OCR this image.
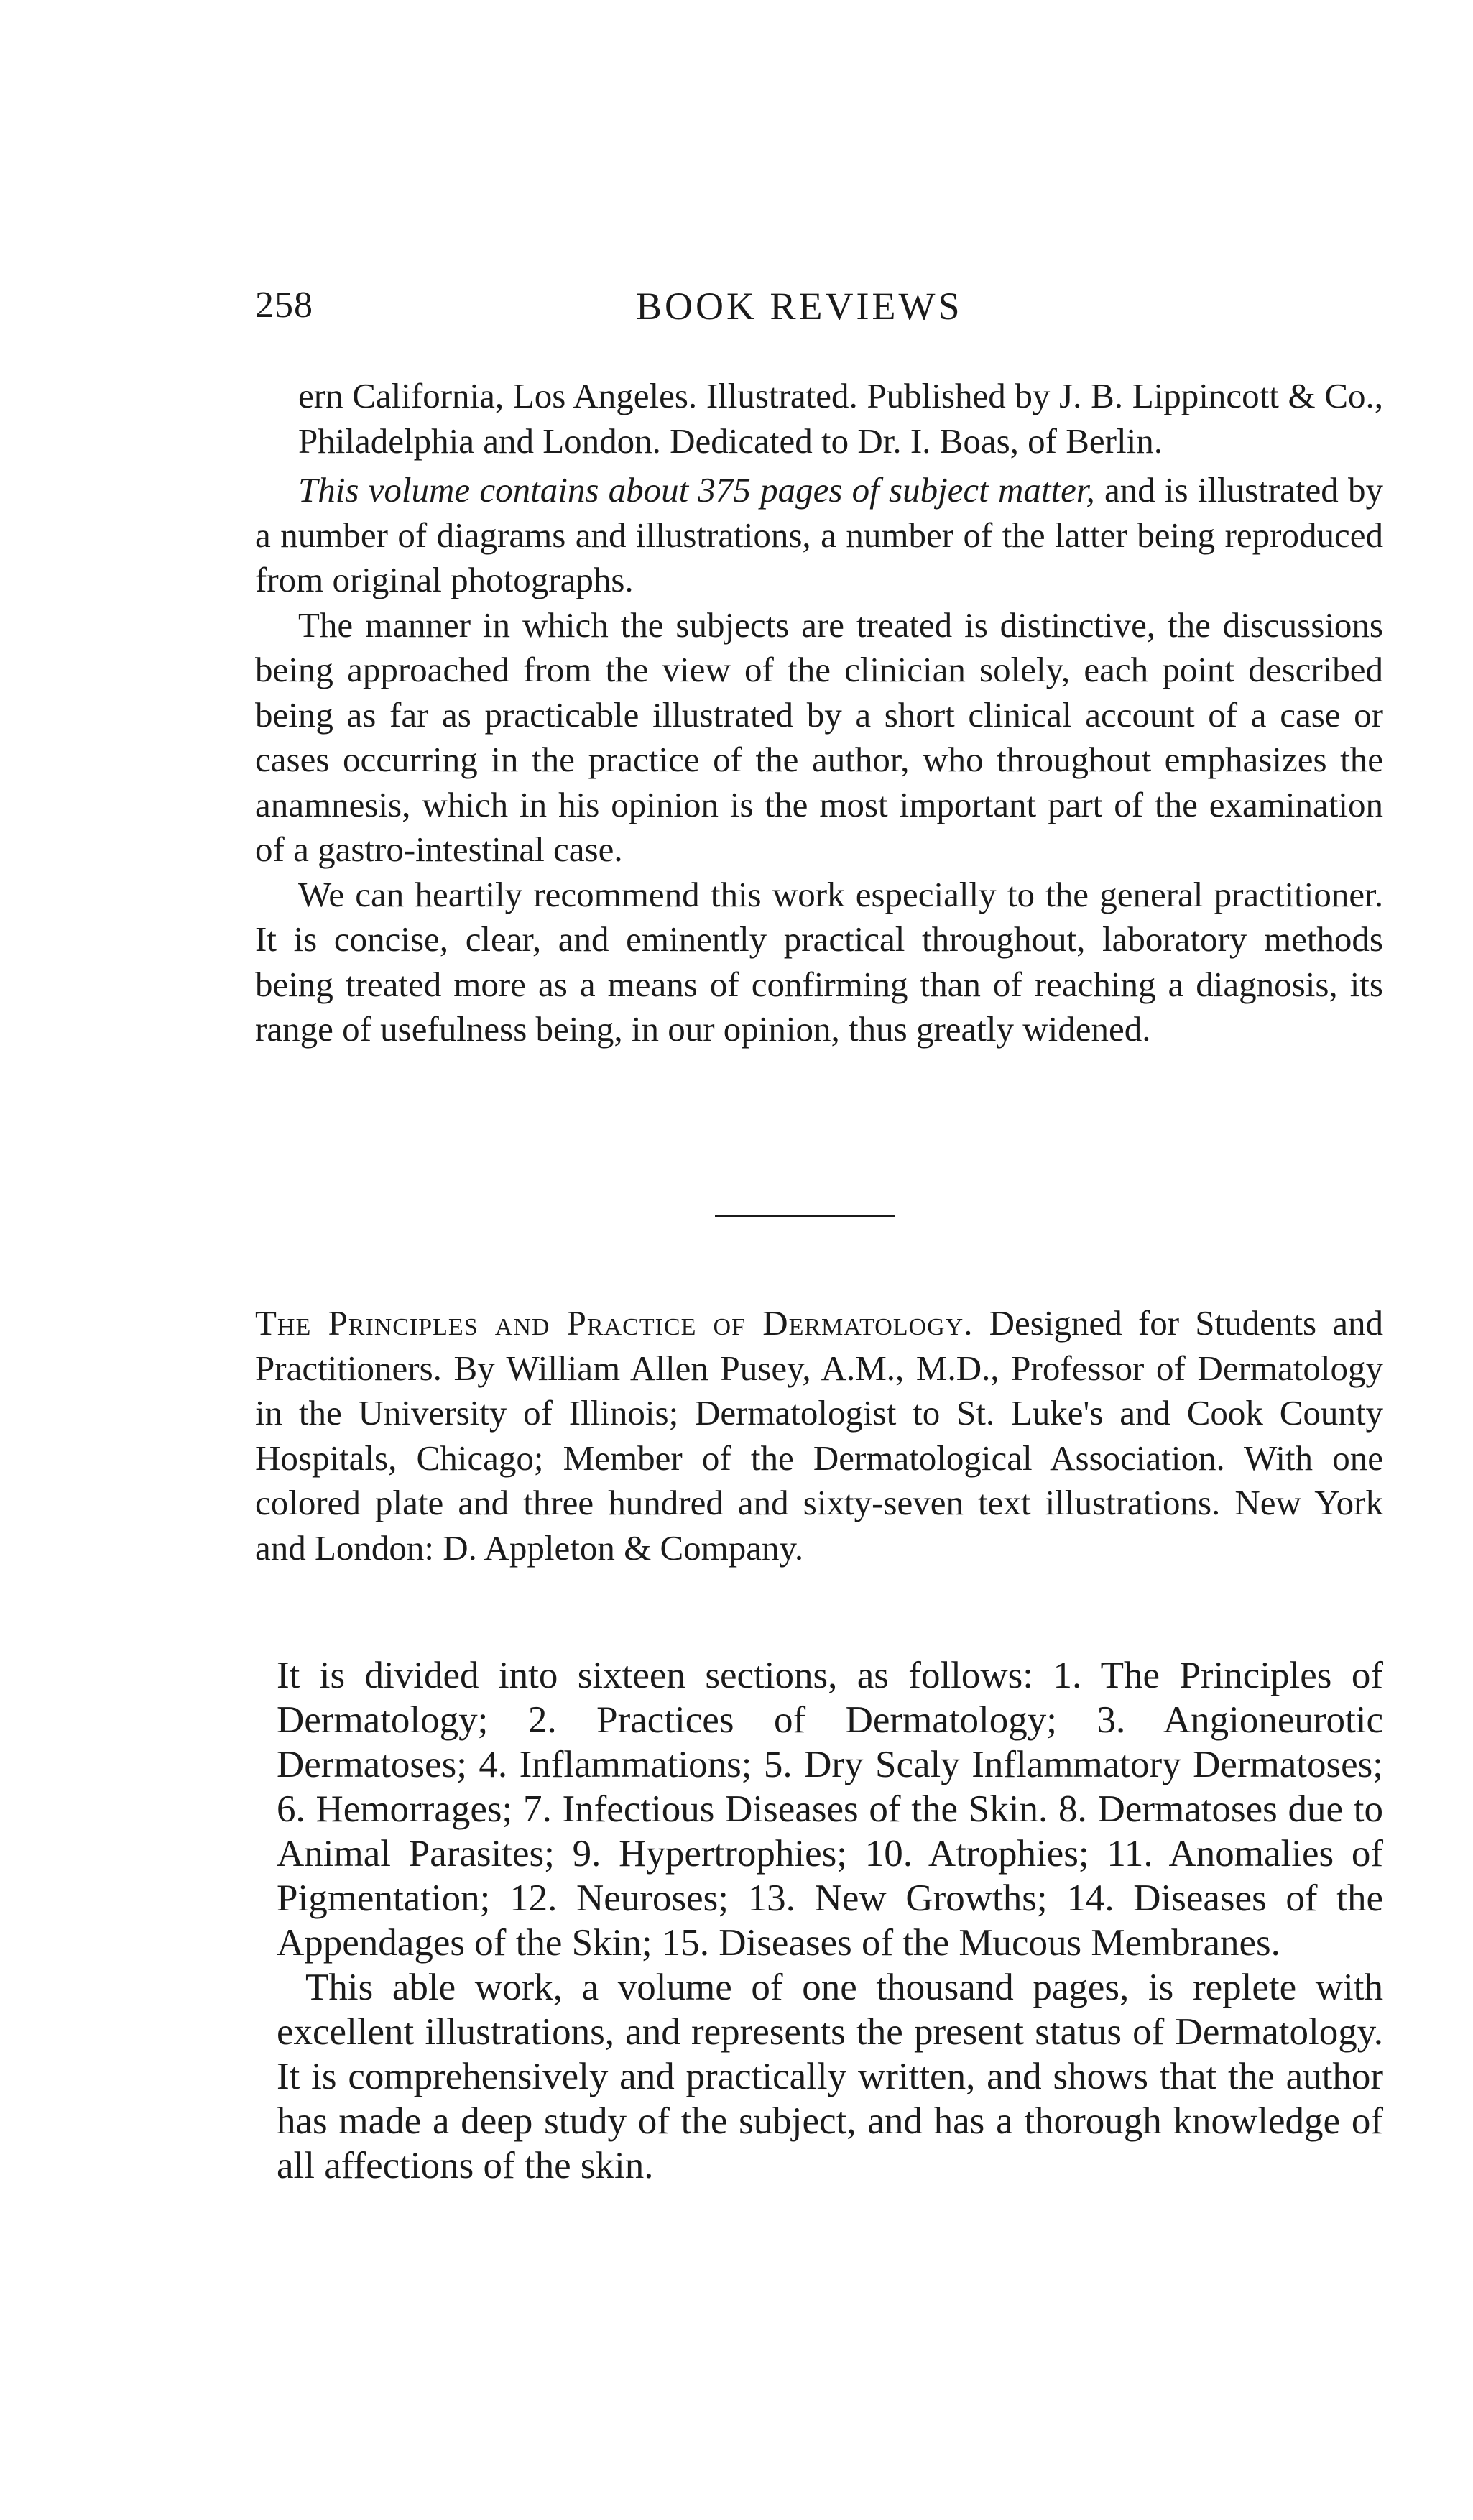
258	BOOK REVIEWS

ern California, Los Angeles. Illustrated. Published by J. B. Lippincott & Co., Philadelphia and London. Dedicated to Dr. I. Boas, of Berlin.

This volume contains about 375 pages of subject matter, and is illustrated by a number of diagrams and illustrations, a number of the latter being reproduced from original photographs.

The manner in which the subjects are treated is distinctive, the discussions being approached from the view of the clinician solely, each point described being as far as practicable illustrated by a short clinical account of a case or cases occurring in the practice of the author, who throughout emphasizes the anamnesis, which in his opinion is the most important part of the examination of a gastro-intestinal case.

We can heartily recommend this work especially to the general practitioner. It is concise, clear, and eminently practical throughout, laboratory methods being treated more as a means of confirming than of reaching a diagnosis, its range of usefulness being, in our opinion, thus greatly widened.

The Principles and Practice of Dermatology. Designed for Students and Practitioners. By William Allen Pusey, A.M., M.D., Professor of Dermatology in the University of Illinois; Dermatologist to St. Luke's and Cook County Hospitals, Chicago; Member of the Dermatological Association. With one colored plate and three hundred and sixty-seven text illustrations. New York and London: D. Appleton & Company.

It is divided into sixteen sections, as follows: 1. The Principles of Dermatology; 2. Practices of Dermatology; 3. Angioneurotic Dermatoses; 4. Inflammations; 5. Dry Scaly Inflammatory Dermatoses; 6. Hemorrages; 7. Infectious Diseases of the Skin. 8. Dermatoses due to Animal Parasites; 9. Hypertrophies; 10. Atrophies; 11. Anomalies of Pigmentation; 12. Neuroses; 13. New Growths; 14. Diseases of the Appendages of the Skin; 15. Diseases of the Mucous Membranes.

This able work, a volume of one thousand pages, is replete with excellent illustrations, and represents the present status of Dermatology. It is comprehensively and practically written, and shows that the author has made a deep study of the subject, and has a thorough knowledge of all affections of the skin.
